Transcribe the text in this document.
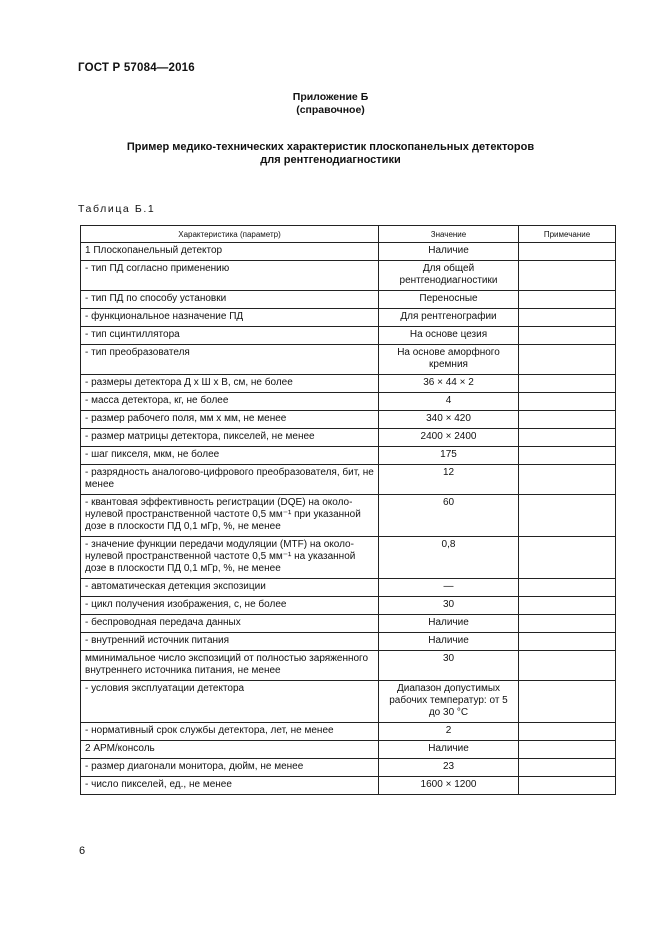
ГОСТ Р 57084—2016
Приложение Б
(справочное)
Пример медико-технических характеристик плоскопанельных детекторов
для рентгенодиагностики
Таблица Б.1
Характеристика (параметр)	Значение	Примечание
1 Плоскопанельный детектор	Наличие	
- тип ПД согласно применению	Для общей рентгенодиагностики	
- тип ПД по способу установки	Переносные	
- функциональное назначение ПД	Для рентгенографии	
- тип сцинтиллятора	На основе цезия	
- тип преобразователя	На основе аморфного кремния	
- размеры детектора Д х Ш х В, см, не более	36 × 44 × 2	
- масса детектора, кг, не более	4	
- размер рабочего поля, мм х мм, не менее	340 × 420	
- размер матрицы детектора, пикселей, не менее	2400 × 2400	
- шаг пикселя, мкм, не более	175	
- разрядность аналогово-цифрового преобразователя, бит, не менее	12	
- квантовая эффективность регистрации (DQE) на около-нулевой пространственной частоте 0,5 мм⁻¹ при указанной дозе в плоскости ПД 0,1 мГр, %, не менее	60	
- значение функции передачи модуляции (MTF) на около-нулевой пространственной частоте 0,5 мм⁻¹ на указанной дозе в плоскости ПД 0,1 мГр, %, не менее	0,8	
- автоматическая детекция экспозиции	—	
- цикл получения изображения, с, не более	30	
- беспроводная передача данных	Наличие	
- внутренний источник питания	Наличие	
мминимальное число экспозиций от полностью заряженного внутреннего источника питания, не менее	30	
- условия эксплуатации детектора	Диапазон допустимых рабочих температур: от 5 до 30 °С	
- нормативный срок службы детектора, лет, не менее	2	
2 АРМ/консоль	Наличие	
- размер диагонали монитора, дюйм, не менее	23	
- число пикселей, ед., не менее	1600 × 1200	
6
